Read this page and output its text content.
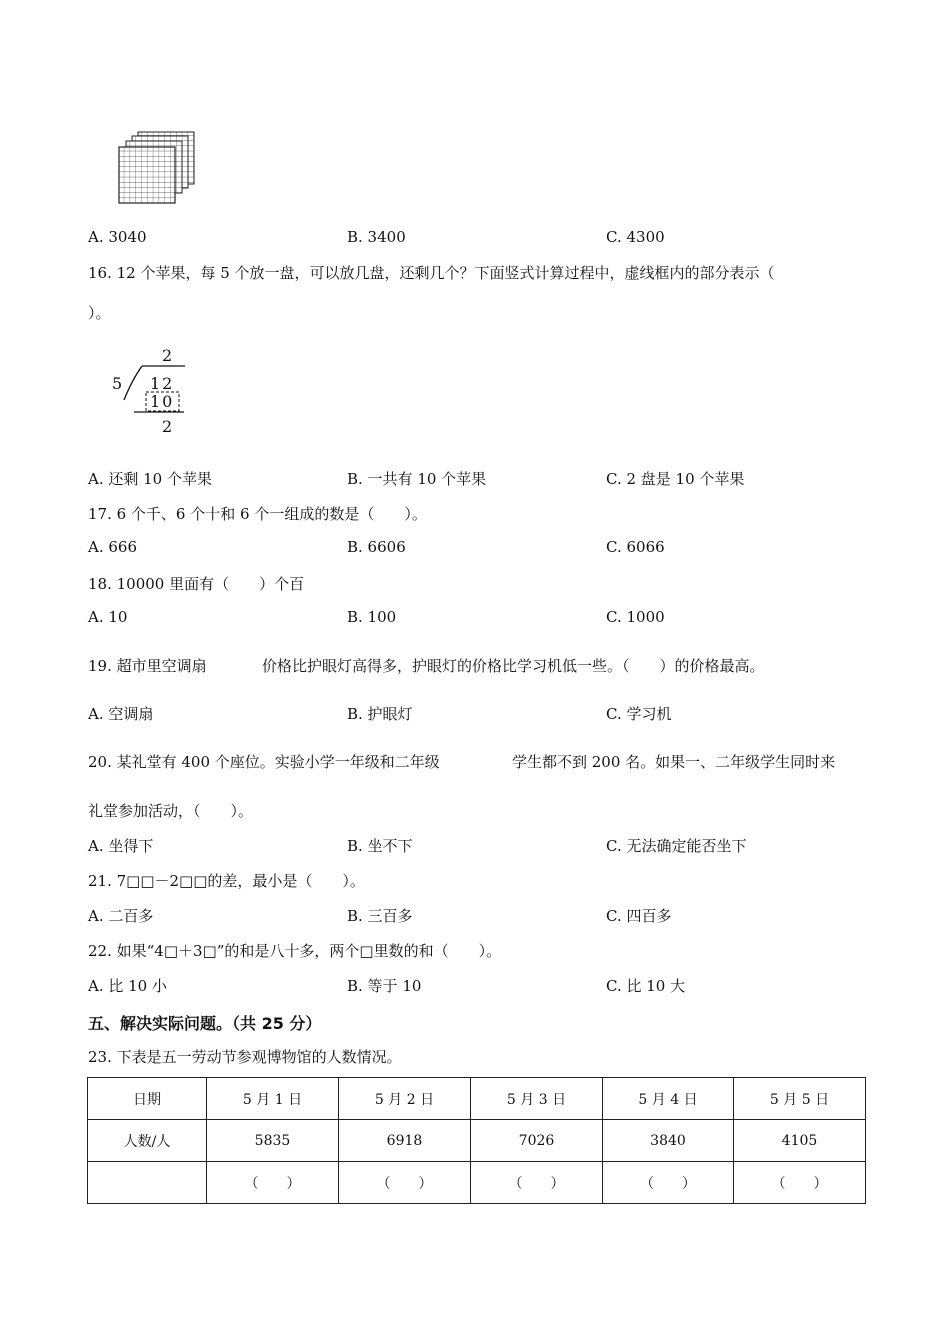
A. 3040	B. 3400	C. 4300
16. 12 个苹果，每 5 个放一盘，可以放几盘，还剩几个？下面竖式计算过程中，虚线框内的部分表示（
）。
2
5 12
10
2
A. 还剩 10 个苹果	B. 一共有 10 个苹果	C. 2 盘是 10 个苹果
17. 6 个千、6 个十和 6 个一组成的数是（　　）。
A. 666	B. 6606	C. 6066
18. 10000 里面有（　　）个百
A. 10	B. 100	C. 1000
19. 超市里空调扇	价格比护眼灯高得多，护眼灯的价格比学习机低一些。（　　）的价格最高。
A. 空调扇	B. 护眼灯	C. 学习机
20. 某礼堂有 400 个座位。实验小学一年级和二年级	学生都不到 200 名。如果一、二年级学生同时来
礼堂参加活动，（　　）。
A. 坐得下	B. 坐不下	C. 无法确定能否坐下
21. 7□□－2□□的差，最小是（　　）。
A. 二百多	B. 三百多	C. 四百多
22. 如果“4□＋3□”的和是八十多，两个□里数的和（　　）。
A. 比 10 小	B. 等于 10	C. 比 10 大
五、解决实际问题。（共 25 分）
23. 下表是五一劳动节参观博物馆的人数情况。
日期	5 月 1 日	5 月 2 日	5 月 3 日	5 月 4 日	5 月 5 日
人数/人	5835	6918	7026	3840	4105
	（　　）	（　　）	（　　）	（　　）	（　　）
